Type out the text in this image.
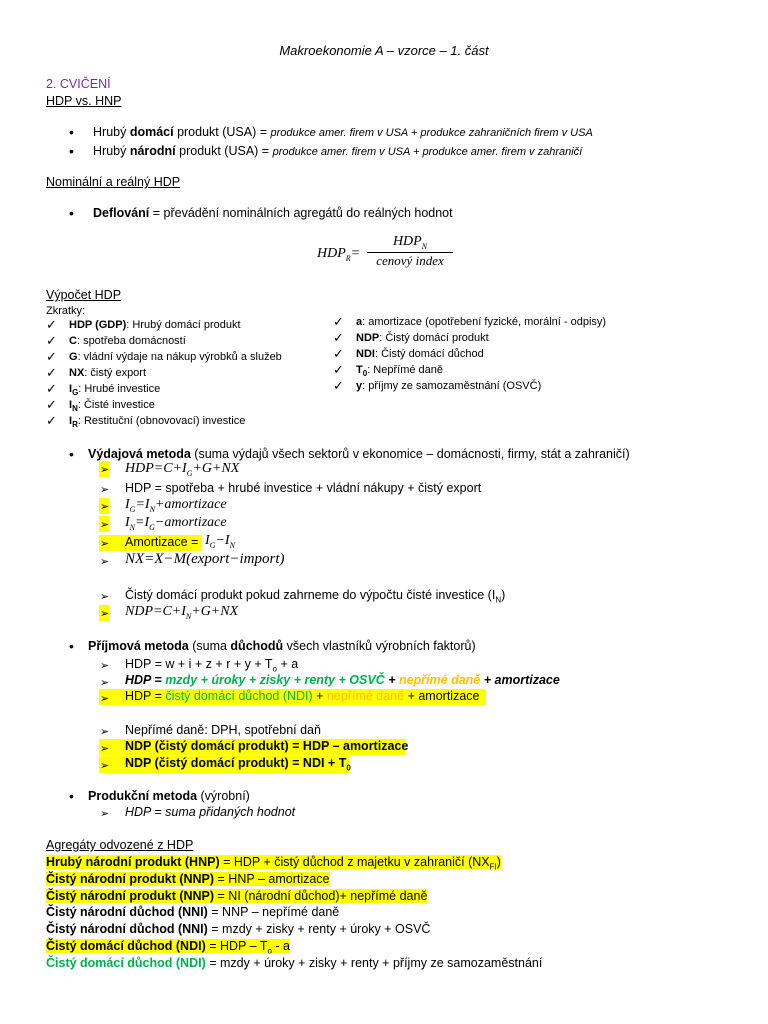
Makroekonomie A – vzorce – 1. část
2. CVIČENÍ
HDP vs. HNP
• Hrubý domácí produkt (USA) = produkce amer. firem v USA + produkce zahraničních firem v USA
• Hrubý národní produkt (USA) = produkce amer. firem v USA + produkce amer. firem v zahraničí
Nominální a reálný HDP
• Deflování = převádění nominálních agregátů do reálných hodnot
$HDP_R=$
$HDP_N$
cenový index
Výpočet HDP
Zkratky:
✓ HDP (GDP): Hrubý domácí produkt
✓ C: spotřeba domácností
✓ G: vládní výdaje na nákup výrobků a služeb
✓ NX: čistý export
✓ $I_G$: Hrubé investice
✓ $I_N$: Čisté investice
✓ $I_R$: Restituční (obnovovací) investice
✓ a: amortizace (opotřebení fyzické, morální - odpisy)
✓ NDP: Čistý domácí produkt
✓ NDI: Čistý domácí důchod
✓ $T_0$: Nepřímé daně
✓ y: příjmy ze samozaměstnání (OSVČ)
• Výdajová metoda (suma výdajů všech sektorů v ekonomice – domácnosti, firmy, stát a zahraničí)
➢ $HDP=C+I_G+G+NX$
➢ HDP = spotřeba + hrubé investice + vládní nákupy + čistý export
➢ $I_G=I_N+amortizace$
➢ $I_N=I_G-amortizace$
➢ Amortizace = $I_G-I_N$
➢ NX=X−M(export−import)
➢ Čistý domácí produkt pokud zahrneme do výpočtu čisté investice $(I_N)$
➢ $NDP=C+I_N+G+NX$
• Příjmová metoda (suma důchodů všech vlastníků výrobních faktorů)
➢ HDP = $w + i + z + r + y + T_o + a$
➢ HDP = mzdy + úroky + zisky + renty + OSVČ + nepřímé daně + amortizace
➢ HDP = čistý domácí důchod (NDI) + nepřímé daně + amortizace
➢ Nepřímé daně: DPH, spotřební daň
➢ NDP (čistý domácí produkt) = HDP – amortizace
➢ NDP (čistý domácí produkt) = NDI + $T_0$
• Produkční metoda (výrobní)
➢ HDP = suma přidaných hodnot
Agregáty odvozené z HDP
Hrubý národní produkt (HNP) = HDP + čistý důchod z majetku v zahraničí $(NX_{FI})$
Čistý národní produkt (NNP) = HNP – amortizace
Čistý národní produkt (NNP) = NI (národní důchod)+ nepřímé daně
Čistý národní důchod (NNI) = NNP – nepřímé daně
Čistý národní důchod (NNI) = mzdy + zisky + renty + úroky + OSVČ
Čistý domácí důchod (NDI) = HDP – $T_o$ - a
Čistý domácí důchod (NDI) = mzdy + úroky + zisky + renty + příjmy ze samozaměstnání
